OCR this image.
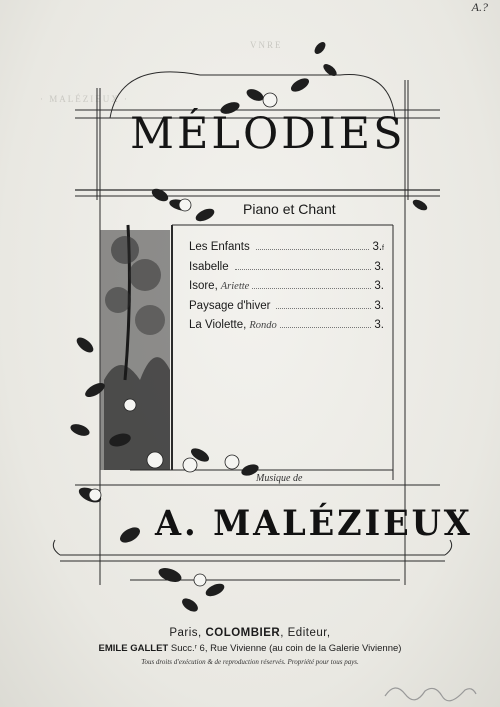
VNRE
· MALÉZIEUX ·
A.?
MÉLODIES
Piano et Chant
Les Enfants	3. f
Isabelle	3.
Isore, Ariette	3.
Paysage d'hiver	3.
La Violette, Rondo	3.
Musique de
A. MALÉZIEUX
Paris, COLOMBIER, Editeur,
EMILE GALLET Succ.ʳ 6, Rue Vivienne (au coin de la Galerie Vivienne)
Tous droits d'exécution & de reproduction réservés. Propriété pour tous pays.
